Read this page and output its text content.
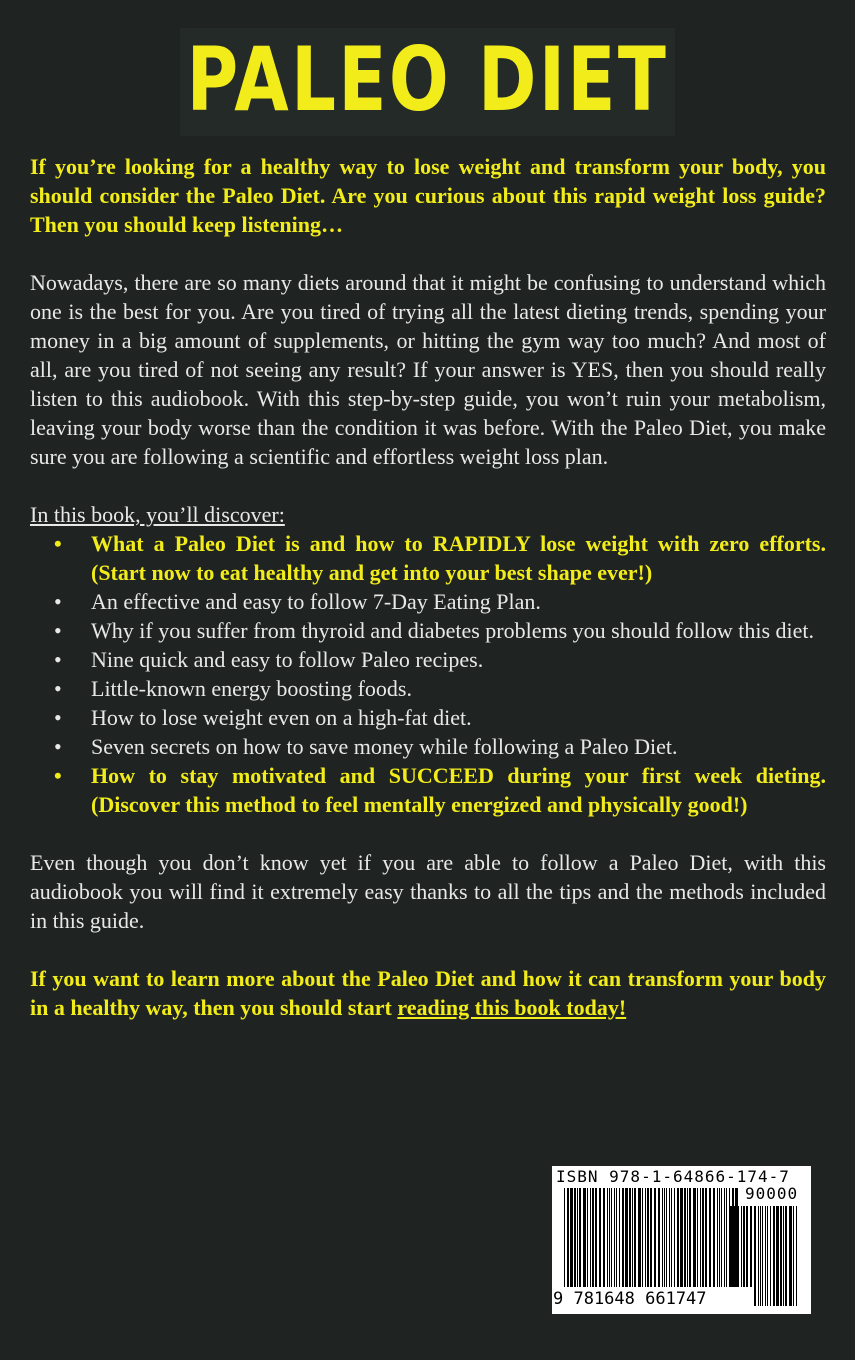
PALEO DIET

If you’re looking for a healthy way to lose weight and transform your body, you should consider the Paleo Diet. Are you curious about this rapid weight loss guide? Then you should keep listening…

Nowadays, there are so many diets around that it might be confusing to understand which one is the best for you. Are you tired of trying all the latest dieting trends, spending your money in a big amount of supplements, or hitting the gym way too much? And most of all, are you tired of not seeing any result? If your answer is YES, then you should really listen to this audiobook. With this step-by-step guide, you won’t ruin your metabolism, leaving your body worse than the condition it was before. With the Paleo Diet, you make sure you are following a scientific and effortless weight loss plan.

In this book, you’ll discover:

• What a Paleo Diet is and how to RAPIDLY lose weight with zero efforts. (Start now to eat healthy and get into your best shape ever!)
• An effective and easy to follow 7-Day Eating Plan.
• Why if you suffer from thyroid and diabetes problems you should follow this diet.
• Nine quick and easy to follow Paleo recipes.
• Little-known energy boosting foods.
• How to lose weight even on a high-fat diet.
• Seven secrets on how to save money while following a Paleo Diet.
• How to stay motivated and SUCCEED during your first week dieting. (Discover this method to feel mentally energized and physically good!)

Even though you don’t know yet if you are able to follow a Paleo Diet, with this audiobook you will find it extremely easy thanks to all the tips and the methods included in this guide.

If you want to learn more about the Paleo Diet and how it can transform your body in a healthy way, then you should start reading this book today!

ISBN 978-1-64866-174-7
90000
9 781648 661747
